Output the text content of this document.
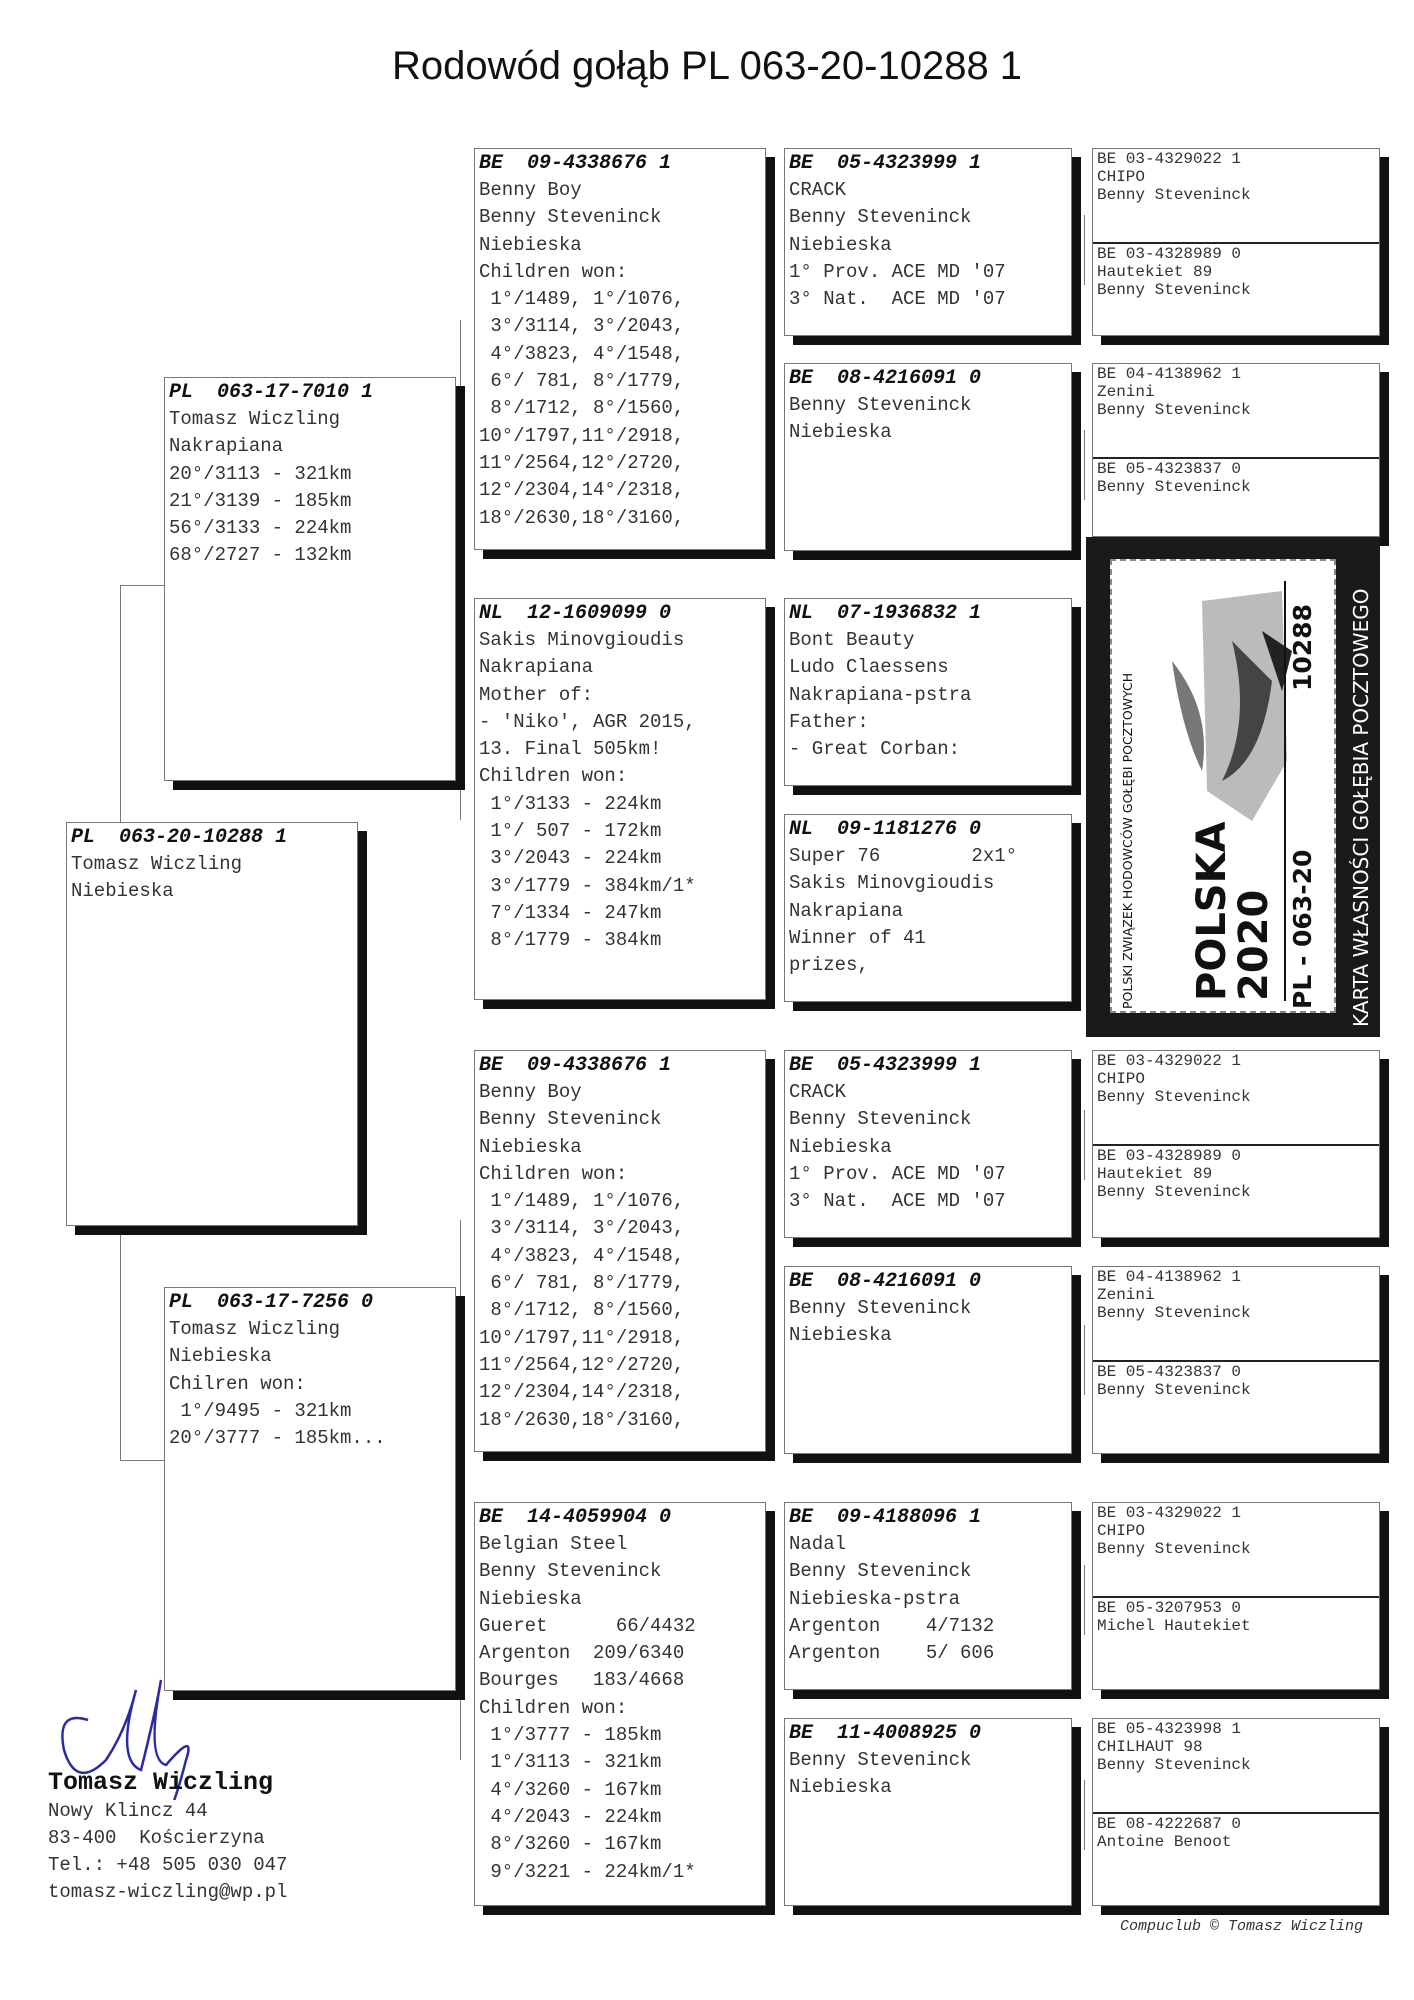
Rodowód gołąb PL 063-20-10288 1
PL  063-20-10288 1
Tomasz Wiczling
Niebieska
PL  063-17-7010 1
Tomasz Wiczling
Nakrapiana
20°/3113 - 321km
21°/3139 - 185km
56°/3133 - 224km
68°/2727 - 132km
PL  063-17-7256 0
Tomasz Wiczling
Niebieska
Chilren won:
1°/9495 - 321km
20°/3777 - 185km...
BE  09-4338676 1
Benny Boy
Benny Steveninck
Niebieska
Children won:
1°/1489, 1°/1076,
3°/3114, 3°/2043,
4°/3823, 4°/1548,
6°/ 781, 8°/1779,
8°/1712, 8°/1560,
10°/1797,11°/2918,
11°/2564,12°/2720,
12°/2304,14°/2318,
18°/2630,18°/3160,
NL  12-1609099 0
Sakis Minovgioudis
Nakrapiana
Mother of:
- 'Niko', AGR 2015,
13. Final 505km!
Children won:
1°/3133 - 224km
1°/ 507 - 172km
3°/2043 - 224km
3°/1779 - 384km/1*
7°/1334 - 247km
8°/1779 - 384km
BE  09-4338676 1
Benny Boy
Benny Steveninck
Niebieska
Children won:
1°/1489, 1°/1076,
3°/3114, 3°/2043,
4°/3823, 4°/1548,
6°/ 781, 8°/1779,
8°/1712, 8°/1560,
10°/1797,11°/2918,
11°/2564,12°/2720,
12°/2304,14°/2318,
18°/2630,18°/3160,
BE  14-4059904 0
Belgian Steel
Benny Steveninck
Niebieska
Gueret      66/4432
Argenton  209/6340
Bourges   183/4668
Children won:
1°/3777 - 185km
1°/3113 - 321km
4°/3260 - 167km
4°/2043 - 224km
8°/3260 - 167km
9°/3221 - 224km/1*
BE  05-4323999 1
CRACK
Benny Steveninck
Niebieska
1° Prov. ACE MD '07
3° Nat.  ACE MD '07
BE  08-4216091 0
Benny Steveninck
Niebieska
NL  07-1936832 1
Bont Beauty
Ludo Claessens
Nakrapiana-pstra
Father:
- Great Corban:
NL  09-1181276 0
Super 76        2x1°
Sakis Minovgioudis
Nakrapiana
Winner of 41
prizes,
BE  05-4323999 1
CRACK
Benny Steveninck
Niebieska
1° Prov. ACE MD '07
3° Nat.  ACE MD '07
BE  08-4216091 0
Benny Steveninck
Niebieska
BE  09-4188096 1
Nadal
Benny Steveninck
Niebieska-pstra
Argenton    4/7132
Argenton    5/ 606
BE  11-4008925 0
Benny Steveninck
Niebieska
BE 03-4329022 1
CHIPO
Benny Steveninck
BE 03-4328989 0
Hautekiet 89
Benny Steveninck
BE 04-4138962 1
Zenini
Benny Steveninck
BE 05-4323837 0
Benny Steveninck
POLSKI ZWIĄZEK HODOWCÓW GOŁĘBI POCZTOWYCH POLSKA
2020 PL - 063-20
10288 KARTA WŁASNOŚCI GOŁĘBIA POCZTOWEGO
BE 03-4329022 1
CHIPO
Benny Steveninck
BE 03-4328989 0
Hautekiet 89
Benny Steveninck
BE 04-4138962 1
Zenini
Benny Steveninck
BE 05-4323837 0
Benny Steveninck
BE 03-4329022 1
CHIPO
Benny Steveninck
BE 05-3207953 0
Michel Hautekiet
BE 05-4323998 1
CHILHAUT 98
Benny Steveninck
BE 08-4222687 0
Antoine Benoot
Tomasz Wiczling
Nowy Klincz 44
83-400  Kościerzyna
Tel.: +48 505 030 047
tomasz-wiczling@wp.pl
Compuclub © Tomasz Wiczling
